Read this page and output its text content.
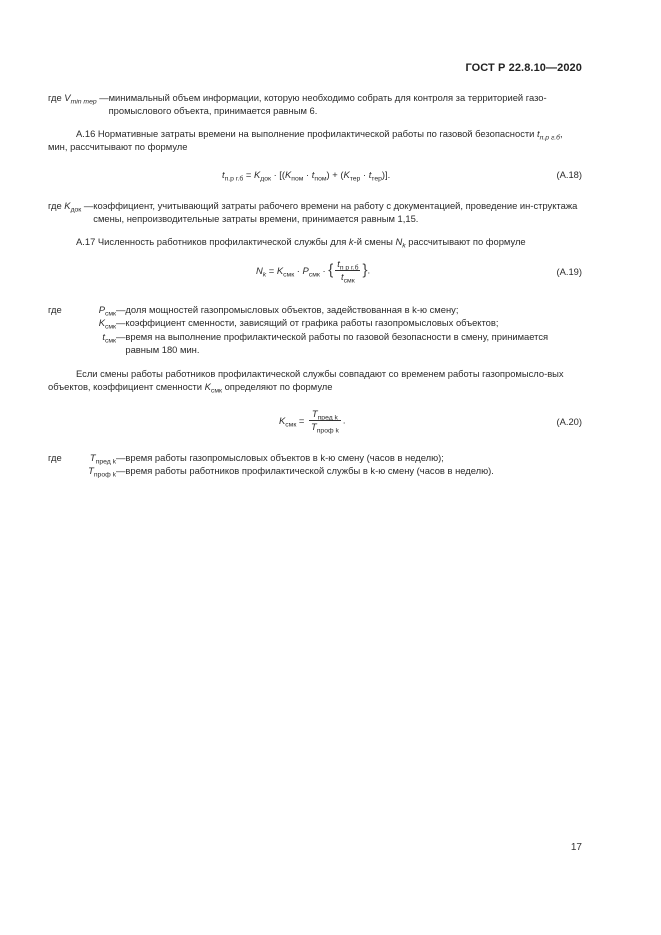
ГОСТ Р 22.8.10—2020
где $V_{min тер}$ — минимальный объем информации, которую необходимо собрать для контроля за территорией газо-промыслового объекта, принимается равным 6.
А.16 Нормативные затраты времени на выполнение профилактической работы по газовой безопасности $t_{п.р г.б}$, мин, рассчитывают по формуле
$t_{п.р г.б} = K_{док} \cdot [(K_{пом} \cdot t_{пом}) + (K_{тер} \cdot t_{тер})]$.	(А.18)
где $K_{док}$ — коэффициент, учитывающий затраты рабочего времени на работу с документацией, проведение ин-структажа смены, непроизводительные затраты времени, принимается равным 1,15.
А.17 Численность работников профилактической службы для k-й смены $N_k$ рассчитывают по формуле
$N_k = K_{смк} \cdot P_{смк}$ · { $\frac{t_{п р г.б}}{t_{смк}}$ }.	(А.19)
где	$P_{смк}$ — доля мощностей газопромысловых объектов, задействованная в k-ю смену;
$K_{смк}$ — коэффициент сменности, зависящий от графика работы газопромысловых объектов;
$t_{смк}$ — время на выполнение профилактической работы по газовой безопасности в смену, принимается равным 180 мин.
Если смены работы работников профилактической службы совпадают со временем работы газопромысло-вых объектов, коэффициент сменности $K_{смк}$ определяют по формуле
$K_{смк} = \frac{T_{пред k}}{T_{проф k}}$ .	(А.20)
где	$T_{пред k}$ — время работы газопромысловых объектов в k-ю смену (часов в неделю);
$T_{проф k}$ — время работы работников профилактической службы в k-ю смену (часов в неделю).
17
